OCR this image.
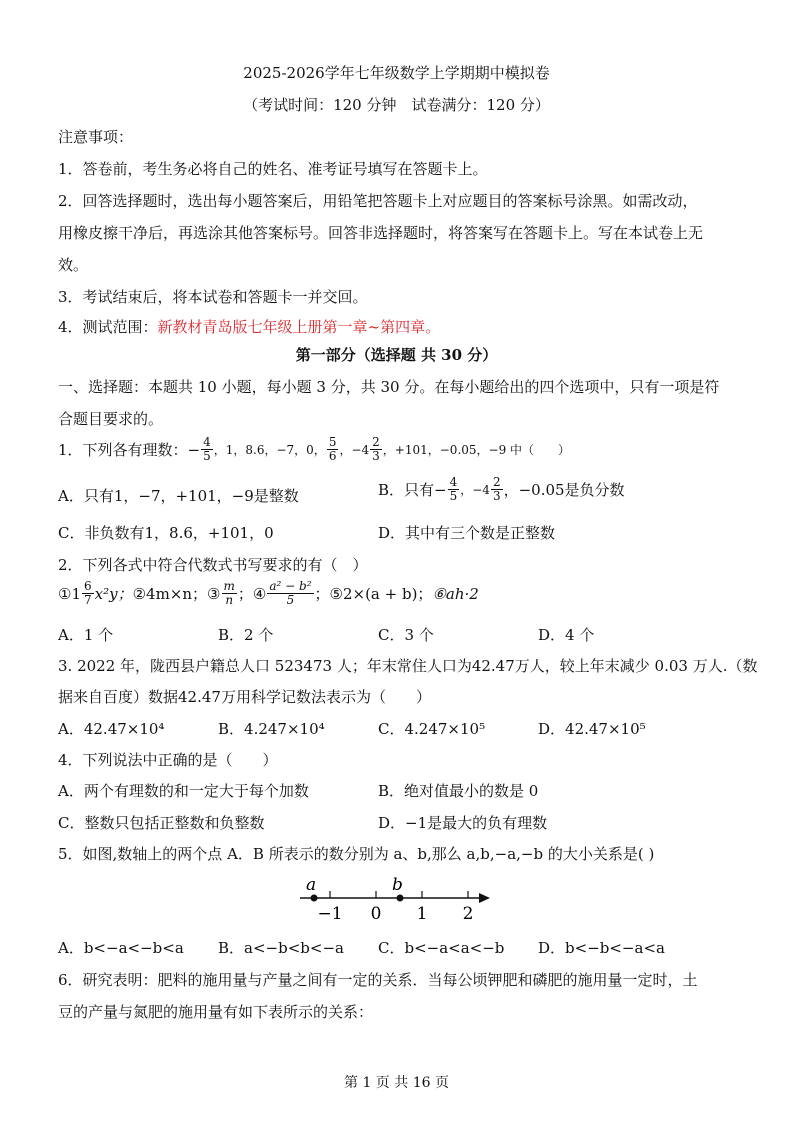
2025-2026学年七年级数学上学期期中模拟卷
（考试时间：120 分钟　试卷满分：120 分）
注意事项：
1．答卷前，考生务必将自己的姓名、准考证号填写在答题卡上。
2．回答选择题时，选出每小题答案后，用铅笔把答题卡上对应题目的答案标号涂黑。如需改动，
用橡皮擦干净后，再选涂其他答案标号。回答非选择题时，将答案写在答题卡上。写在本试卷上无
效。
3．考试结束后，将本试卷和答题卡一并交回。
4．测试范围：新教材青岛版七年级上册第一章~第四章。
第一部分（选择题 共 30 分）
一、选择题：本题共 10 小题，每小题 3 分，共 30 分。在每小题给出的四个选项中，只有一项是符
合题目要求的。
1．下列各有理数： − $\frac{4}{5}$ ，1，8.6，−7，0， $\frac{5}{6}$ ，$-4 \frac{2}{3}$ ，+101，−0.05，−9 中（　　）
A．只有1，−7，+101，−9是整数	B．只有− $\frac{4}{5}$ ，$-4 \frac{2}{3}$ ，−0.05是负分数
C．非负数有1，8.6，+101，0	D．其中有三个数是正整数
2．下列各式中符合代数式书写要求的有（　）
①1 $\frac{6}{7} x^2y$； ②4m×n； ③ $\frac{m}{n}$ ； ④ $\frac{\text{a² − b²}}{5}$ ； ⑤2×(a + b)； ⑥ah·2
A．1 个	B．2 个	C．3 个	D．4 个
3. 2022 年，陇西县户籍总人口 523473 人；年末常住人口为42.47万人，较上年末减少 0.03 万人.（数
据来自百度）数据42.47万用科学记数法表示为（　　）
A．42.47×10⁴	B．4.247×10⁴	C．4.247×10⁵	D．42.47×10⁵
4．下列说法中正确的是（　　）
A．两个有理数的和一定大于每个加数	B．绝对值最小的数是 0
C．整数只包括正整数和负整数	D．−1是最大的负有理数
5．如图,数轴上的两个点 A．B 所表示的数分别为 a、b,那么 a,b,−a,−b 的大小关系是( )
a	b
−1 0 1 2
A．b<−a<−b<a B．a<−b<b<−a C．b<−a<a<−b D．b<−b<−a<a
6．研究表明：肥料的施用量与产量之间有一定的关系．当每公顷钾肥和磷肥的施用量一定时，土
豆的产量与氮肥的施用量有如下表所示的关系：
第 1 页 共 16 页
